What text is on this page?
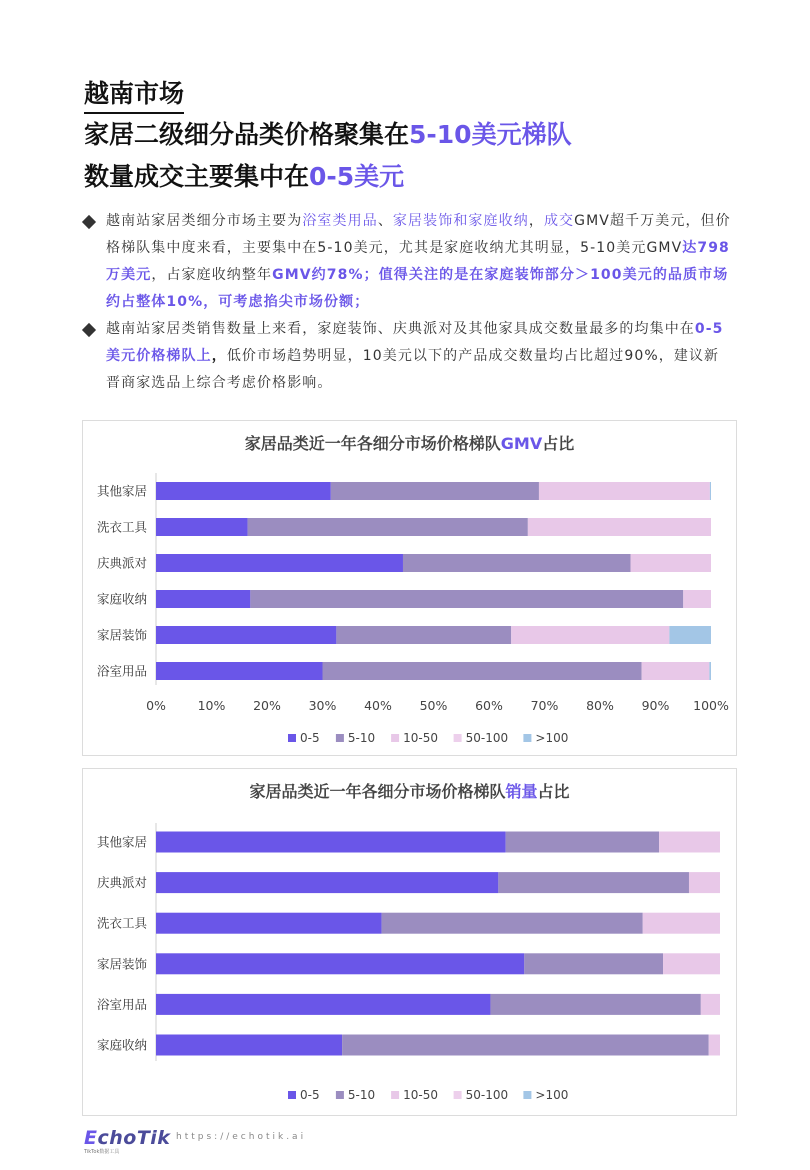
越南市场
家居二级细分品类价格聚集在5-10美元梯队
数量成交主要集中在0-5美元
越南站家居类细分市场主要为浴室类用品、家居装饰和家庭收纳，成交GMV超千万美元，但价格梯队集中度来看，主要集中在5-10美元，尤其是家庭收纳尤其明显，5-10美元GMV达798万美元，占家庭收纳整年GMV约78%；值得关注的是在家庭装饰部分＞100美元的品质市场约占整体10%，可考虑掐尖市场份额；
越南站家居类销售数量上来看，家庭装饰、庆典派对及其他家具成交数量最多的均集中在0-5美元价格梯队上，低价市场趋势明显，10美元以下的产品成交数量均占比超过90%，建议新晋商家选品上综合考虑价格影响。
家居品类近一年各细分市场价格梯队GMV占比
其他家居
洗衣工具
庆典派对
家庭收纳
家居装饰
浴室用品
0%	10% 20% 30% 40% 50% 60% 70% 80% 90% 100%
0-5 5-10 10-50 50-100 >100
家居品类近一年各细分市场价格梯队销量占比
其他家居
庆典派对
洗衣工具
家居装饰
浴室用品
家庭收纳
0-5 5-10 10-50 50-100 >100
EchoTik
TikTok数据工具
https://echotik.ai
